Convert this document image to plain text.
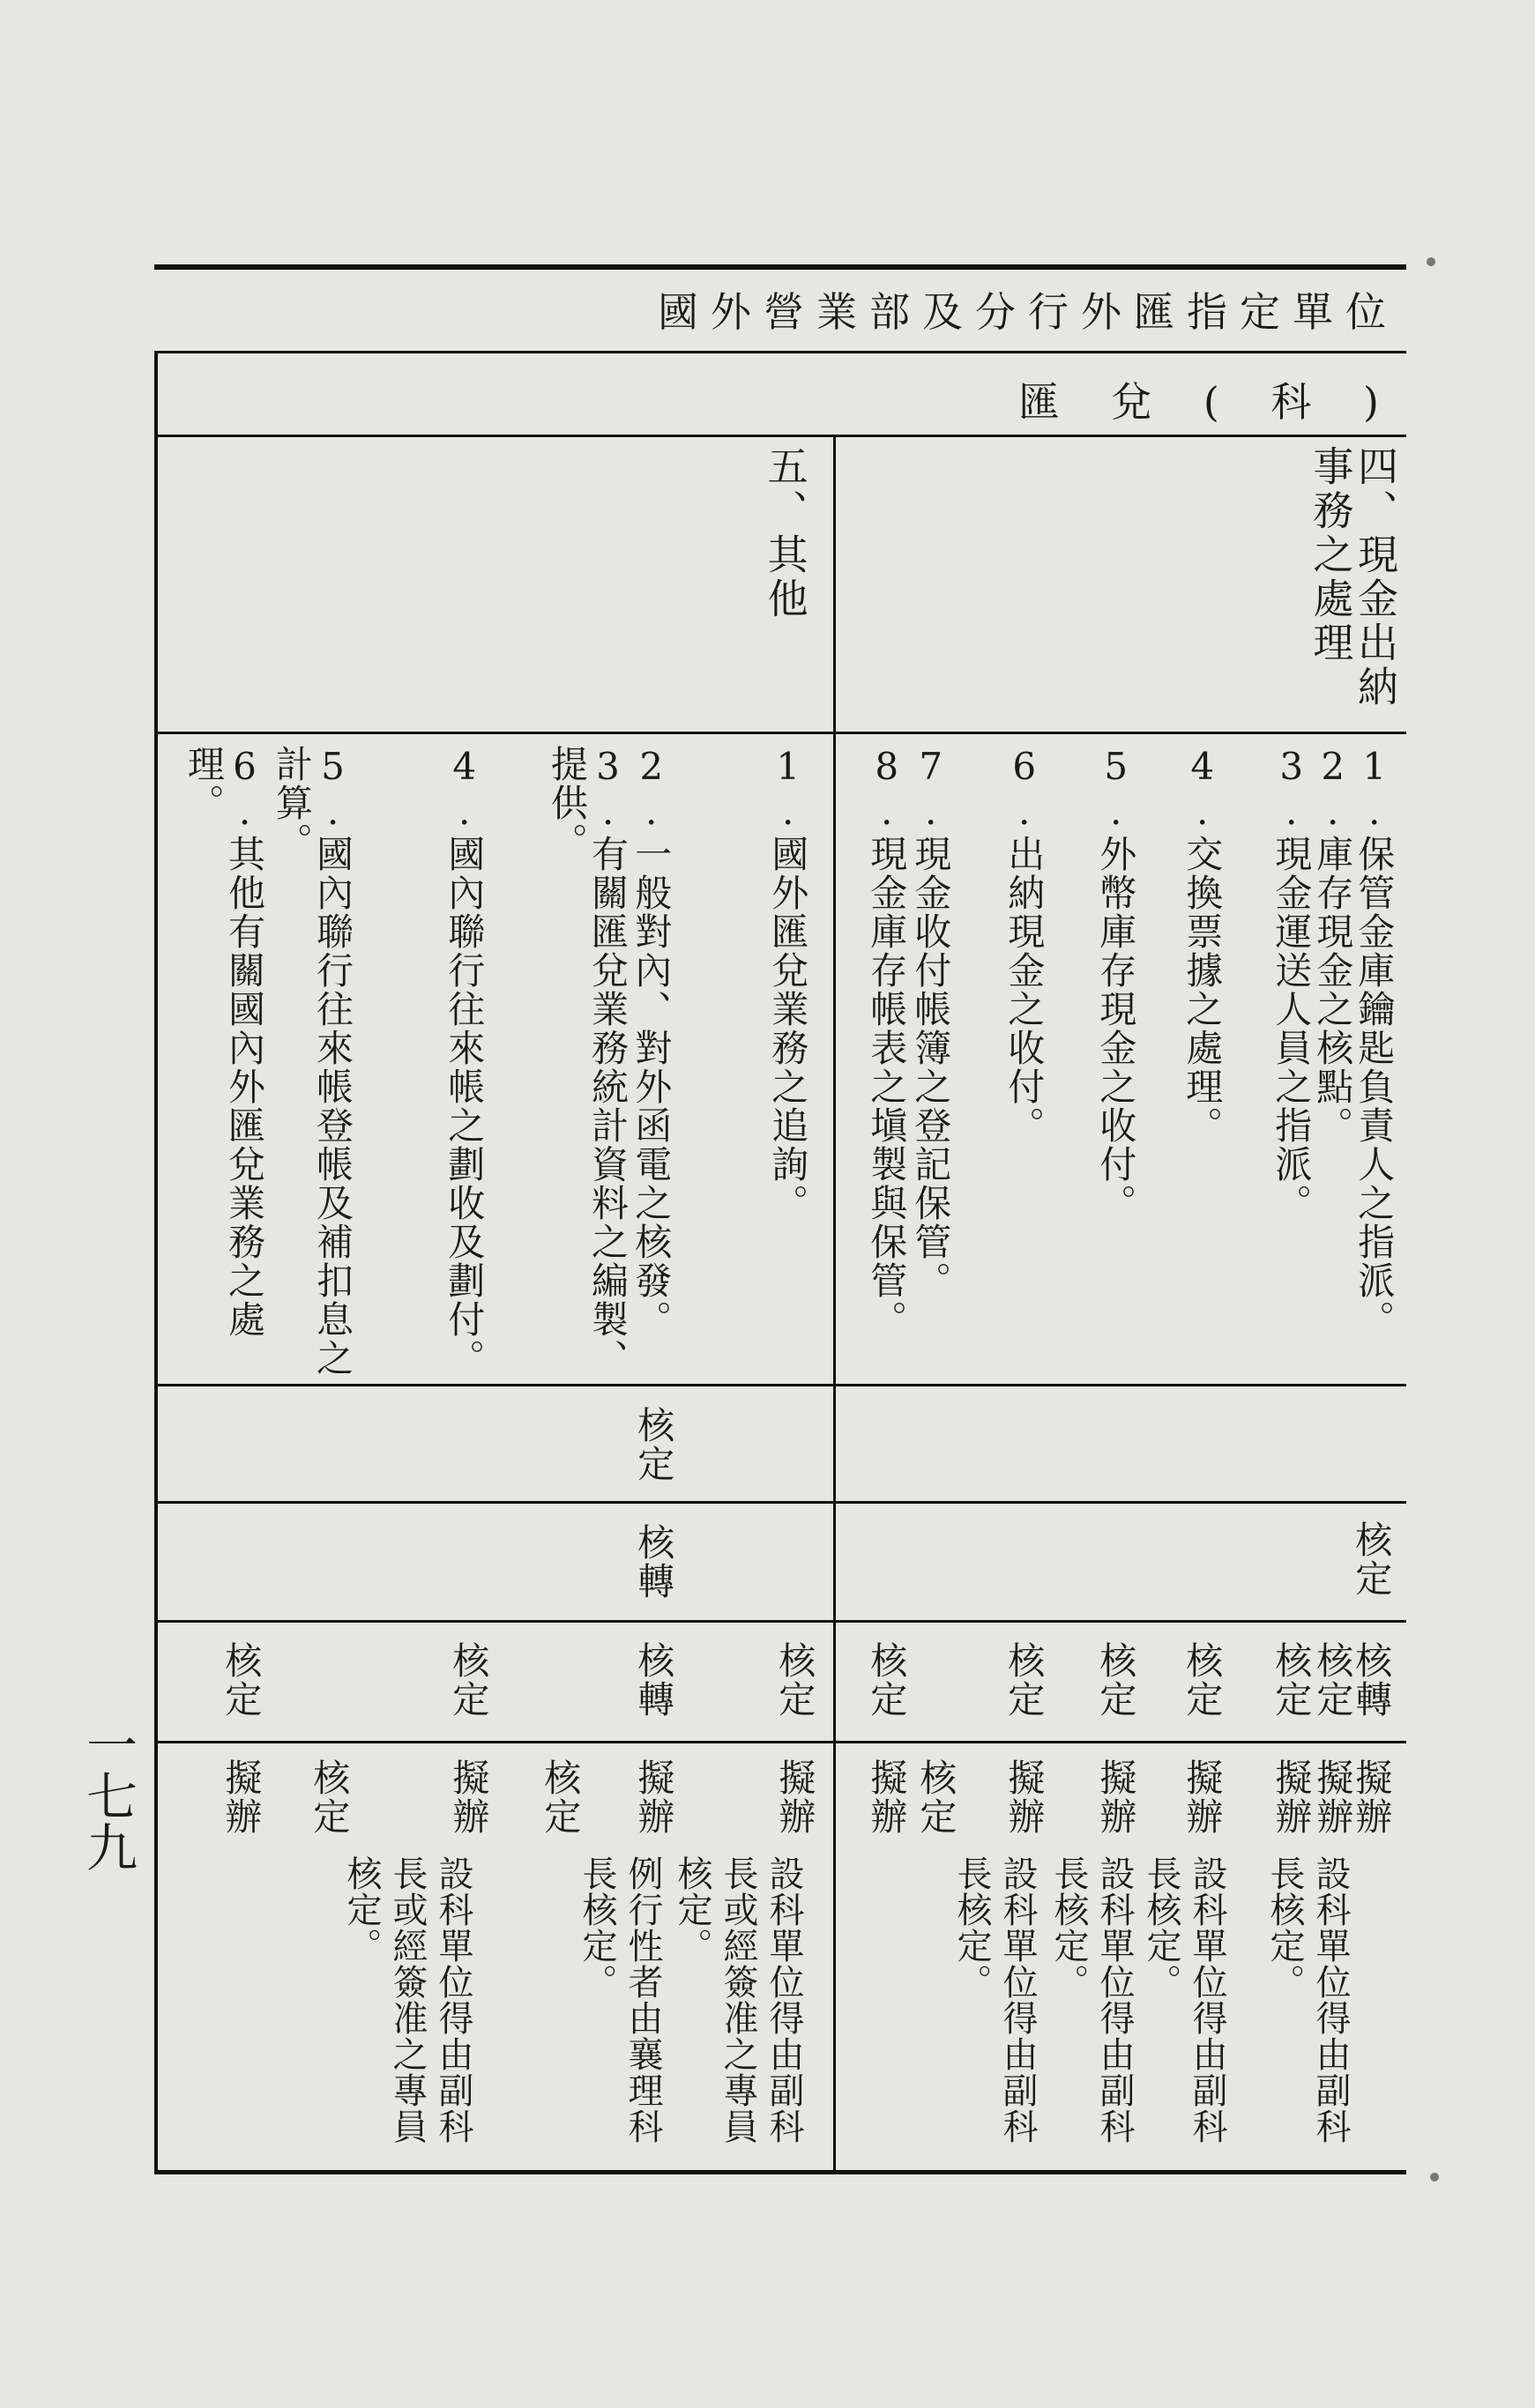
國外營業部及分行外匯指定單位
匯 兌 ( 科 )
四、現金出納事務之處理
五、其他
1.保管金庫鑰匙負責人之指派。
2.庫存現金之核點。
3.現金運送人員之指派。
4.交換票據之處理。
5.外幣庫存現金之收付。
6.出納現金之收付。
7.現金收付帳簿之登記保管。
8.現金庫存帳表之塡製與保管。
1.國外匯兌業務之追詢。
2.一般對內、對外函電之核發。
3.有關匯兌業務統計資料之編製、提供。
4.國內聯行往來帳之劃收及劃付。
5.國內聯行往來帳登帳及補扣息之計算。
6.其他有關國內外匯兌業務之處理。
核定
核定
核轉
核轉
核定
核定
核定
核定
核定
核定
核定
核轉
核定
核定
擬辦
擬辦
擬辦
擬辦
擬辦
擬辦
核定
擬辦
擬辦
擬辦
核定
擬辦
核定
擬辦
設科單位得由副科長核定。
設科單位得由副科長核定。
設科單位得由副科長核定。
設科單位得由副科長核定。
設科單位得由副科長或經簽准之專員核定。
例行性者由襄理科長核定。
設科單位得由副科長或經簽准之專員核定。
一七九
